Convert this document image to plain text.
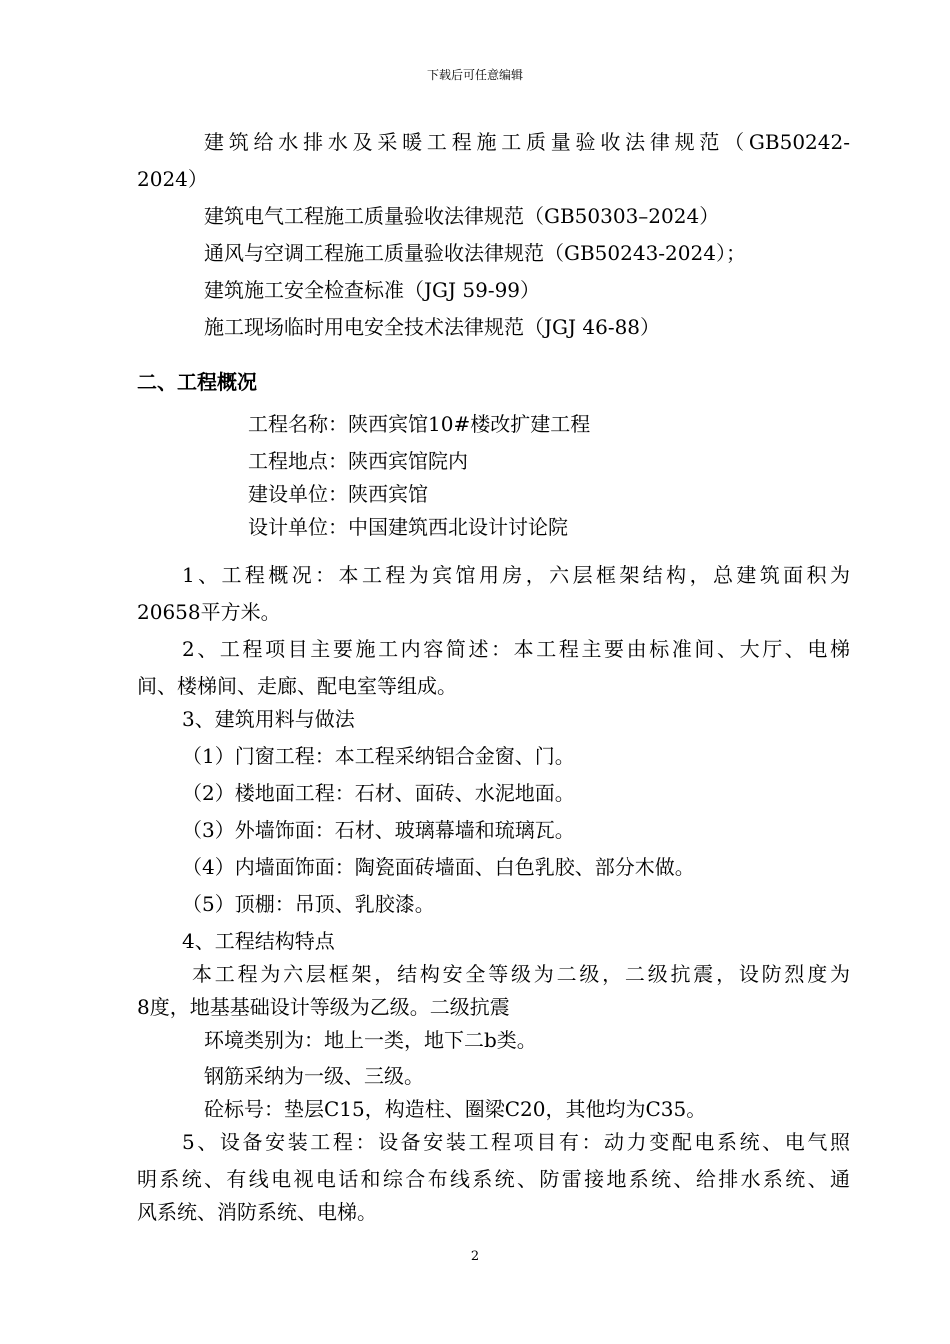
下载后可任意编辑
建筑给水排水及采暖工程施工质量验收法律规范（GB50242-
2024）
建筑电气工程施工质量验收法律规范（GB50303–2024）
通风与空调工程施工质量验收法律规范（GB50243-2024）；
建筑施工安全检查标准（JGJ 59-99）
施工现场临时用电安全技术法律规范（JGJ 46-88）
二、工程概况
工程名称：陕西宾馆10#楼改扩建工程
工程地点：陕西宾馆院内
建设单位：陕西宾馆
设计单位：中国建筑西北设计讨论院
1、工程概况：本工程为宾馆用房，六层框架结构，总建筑面积为
20658平方米。
2、工程项目主要施工内容简述：本工程主要由标准间、大厅、电梯
间、楼梯间、走廊、配电室等组成。
3、建筑用料与做法
（1）门窗工程：本工程采纳铝合金窗、门。
（2）楼地面工程：石材、面砖、水泥地面。
（3）外墙饰面：石材、玻璃幕墙和琉璃瓦。
（4）内墙面饰面：陶瓷面砖墙面、白色乳胶、部分木做。
（5）顶棚：吊顶、乳胶漆。
4、工程结构特点
本工程为六层框架，结构安全等级为二级，二级抗震，设防烈度为
8度，地基基础设计等级为乙级。二级抗震
环境类别为：地上一类，地下二b类。
钢筋采纳为一级、三级。
砼标号：垫层C15，构造柱、圈梁C20，其他均为C35。
5、设备安装工程：设备安装工程项目有：动力变配电系统、电气照
明系统、有线电视电话和综合布线系统、防雷接地系统、给排水系统、通
风系统、消防系统、电梯。
2
